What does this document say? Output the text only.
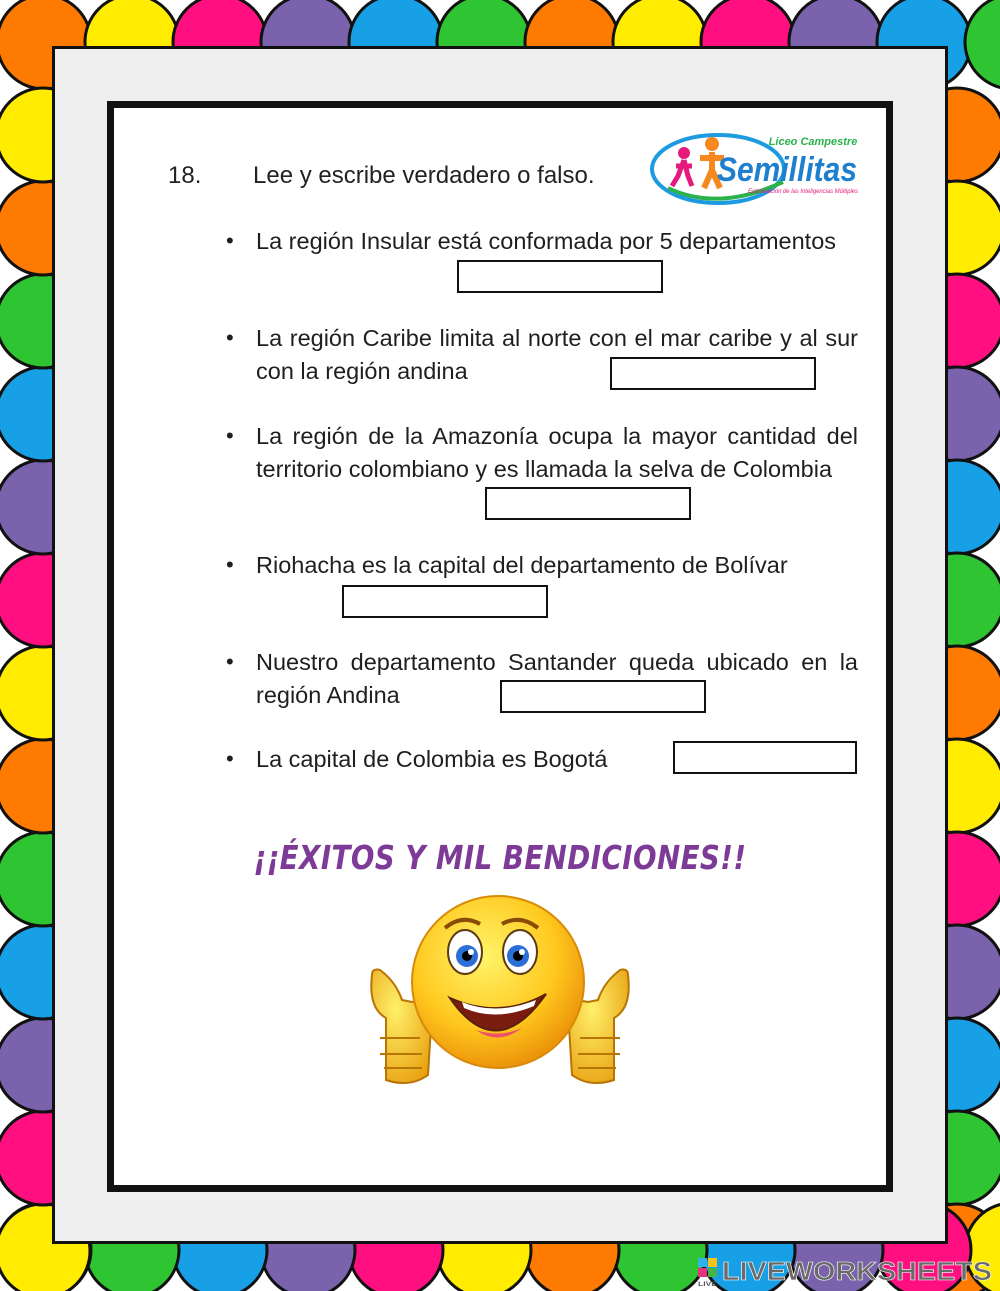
18. Lee y escribe verdadero o falso.
Liceo Campestre
Semillitas
Estimulación de las Inteligencias Múltiples
• La región Insular está conformada por 5 departamentos
• La región Caribe limita al norte con el mar caribe y al sur con la región andina
• La región de la Amazonía ocupa la mayor cantidad del territorio colombiano y es llamada la selva de Colombia
• Riohacha es la capital del departamento de Bolívar
• Nuestro departamento Santander queda ubicado en la región Andina
• La capital de Colombia es Bogotá
¡¡ÉXITOS Y MIL BENDICIONES!!
LIVE LIVEWORKSHEETS
